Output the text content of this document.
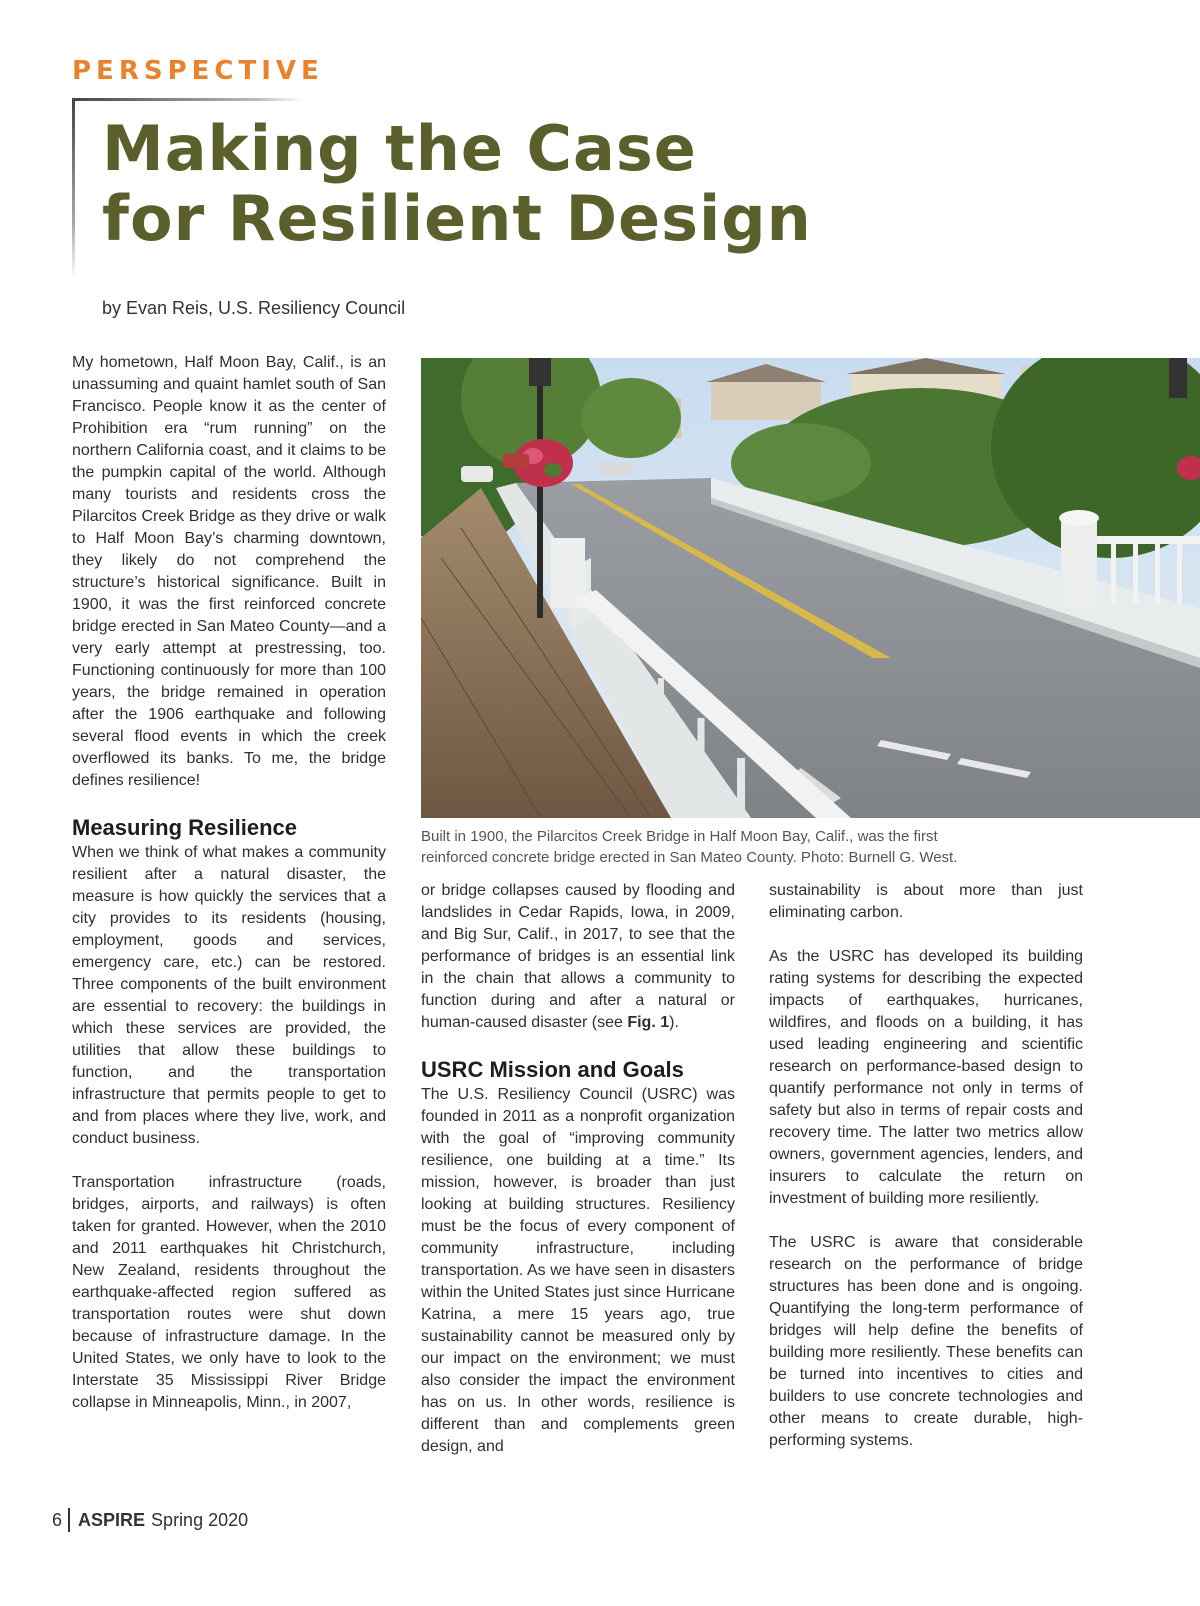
PERSPECTIVE
Making the Case
for Resilient Design
by Evan Reis, U.S. Resiliency Council

My hometown, Half Moon Bay, Calif., is an unassuming and quaint hamlet south of San Francisco. People know it as the center of Prohibition era “rum running” on the northern California coast, and it claims to be the pumpkin capital of the world. Although many tourists and residents cross the Pilarcitos Creek Bridge as they drive or walk to Half Moon Bay’s charming downtown, they likely do not comprehend the structure’s historical significance. Built in 1900, it was the first reinforced concrete bridge erected in San Mateo County—and a very early attempt at prestressing, too. Functioning continuously for more than 100 years, the bridge remained in operation after the 1906 earthquake and following several flood events in which the creek overflowed its banks. To me, the bridge defines resilience!

Measuring Resilience

When we think of what makes a community resilient after a natural disaster, the measure is how quickly the services that a city provides to its residents (housing, employment, goods and services, emergency care, etc.) can be restored. Three components of the built environment are essential to recovery: the buildings in which these services are provided, the utilities that allow these buildings to function, and the transportation infrastructure that permits people to get to and from places where they live, work, and conduct business.

Transportation infrastructure (roads, bridges, airports, and railways) is often taken for granted. However, when the 2010 and 2011 earthquakes hit Christchurch, New Zealand, residents throughout the earthquake-affected region suffered as transportation routes were shut down because of infrastructure damage. In the United States, we only have to look to the Interstate 35 Mississippi River Bridge collapse in Minneapolis, Minn., in 2007,

Built in 1900, the Pilarcitos Creek Bridge in Half Moon Bay, Calif., was the first
reinforced concrete bridge erected in San Mateo County. Photo: Burnell G. West.

or bridge collapses caused by flooding and landslides in Cedar Rapids, Iowa, in 2009, and Big Sur, Calif., in 2017, to see that the performance of bridges is an essential link in the chain that allows a community to function during and after a natural or human-caused disaster (see Fig. 1).

USRC Mission and Goals

The U.S. Resiliency Council (USRC) was founded in 2011 as a nonprofit organization with the goal of “improving community resilience, one building at a time.” Its mission, however, is broader than just looking at building structures. Resiliency must be the focus of every component of community infrastructure, including transportation. As we have seen in disasters within the United States just since Hurricane Katrina, a mere 15 years ago, true sustainability cannot be measured only by our impact on the environment; we must also consider the impact the environment has on us. In other words, resilience is different than and complements green design, and

sustainability is about more than just eliminating carbon.

As the USRC has developed its building rating systems for describing the expected impacts of earthquakes, hurricanes, wildfires, and floods on a building, it has used leading engineering and scientific research on performance-based design to quantify performance not only in terms of safety but also in terms of repair costs and recovery time. The latter two metrics allow owners, government agencies, lenders, and insurers to calculate the return on investment of building more resiliently.

The USRC is aware that considerable research on the performance of bridge structures has been done and is ongoing. Quantifying the long-term performance of bridges will help define the benefits of building more resiliently. These benefits can be turned into incentives to cities and builders to use concrete technologies and other means to create durable, high-performing systems.

6 ASPIRE Spring 2020
